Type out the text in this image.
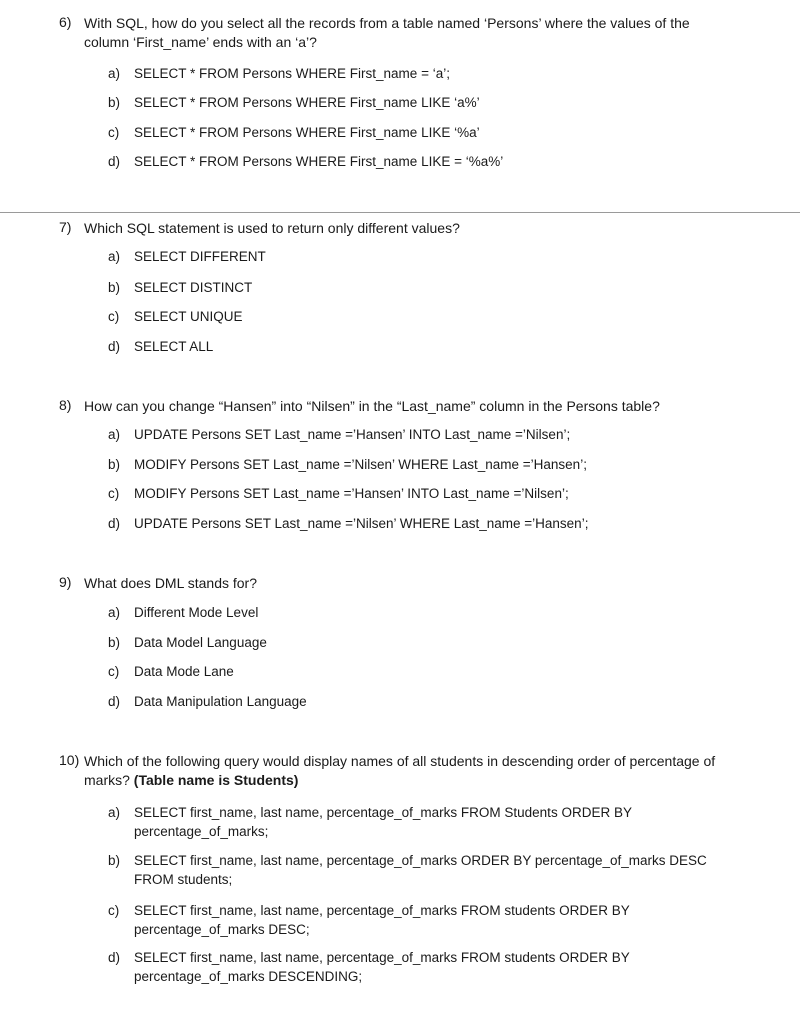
6) With SQL, how do you select all the records from a table named ‘Persons’ where the values of the column ‘First_name’ ends with an ‘a’?
a) SELECT * FROM Persons WHERE First_name = ‘a’;
b) SELECT * FROM Persons WHERE First_name LIKE ‘a%’
c) SELECT * FROM Persons WHERE First_name LIKE ‘%a’
d) SELECT * FROM Persons WHERE First_name LIKE = ‘%a%’
7) Which SQL statement is used to return only different values?
a) SELECT DIFFERENT
b) SELECT DISTINCT
c) SELECT UNIQUE
d) SELECT ALL
8) How can you change “Hansen” into “Nilsen” in the “Last_name” column in the Persons table?
a) UPDATE Persons SET Last_name =’Hansen’ INTO Last_name =’Nilsen’;
b) MODIFY Persons SET Last_name =’Nilsen’ WHERE Last_name =’Hansen’;
c) MODIFY Persons SET Last_name =’Hansen’ INTO Last_name =’Nilsen’;
d) UPDATE Persons SET Last_name =’Nilsen’ WHERE Last_name =’Hansen’;
9) What does DML stands for?
a) Different Mode Level
b) Data Model Language
c) Data Mode Lane
d) Data Manipulation Language
10) Which of the following query would display names of all students in descending order of percentage of marks? (Table name is Students)
a) SELECT first_name, last name, percentage_of_marks FROM Students ORDER BY percentage_of_marks;
b) SELECT first_name, last name, percentage_of_marks ORDER BY percentage_of_marks DESC FROM students;
c) SELECT first_name, last name, percentage_of_marks FROM students ORDER BY percentage_of_marks DESC;
d) SELECT first_name, last name, percentage_of_marks FROM students ORDER BY percentage_of_marks DESCENDING;
